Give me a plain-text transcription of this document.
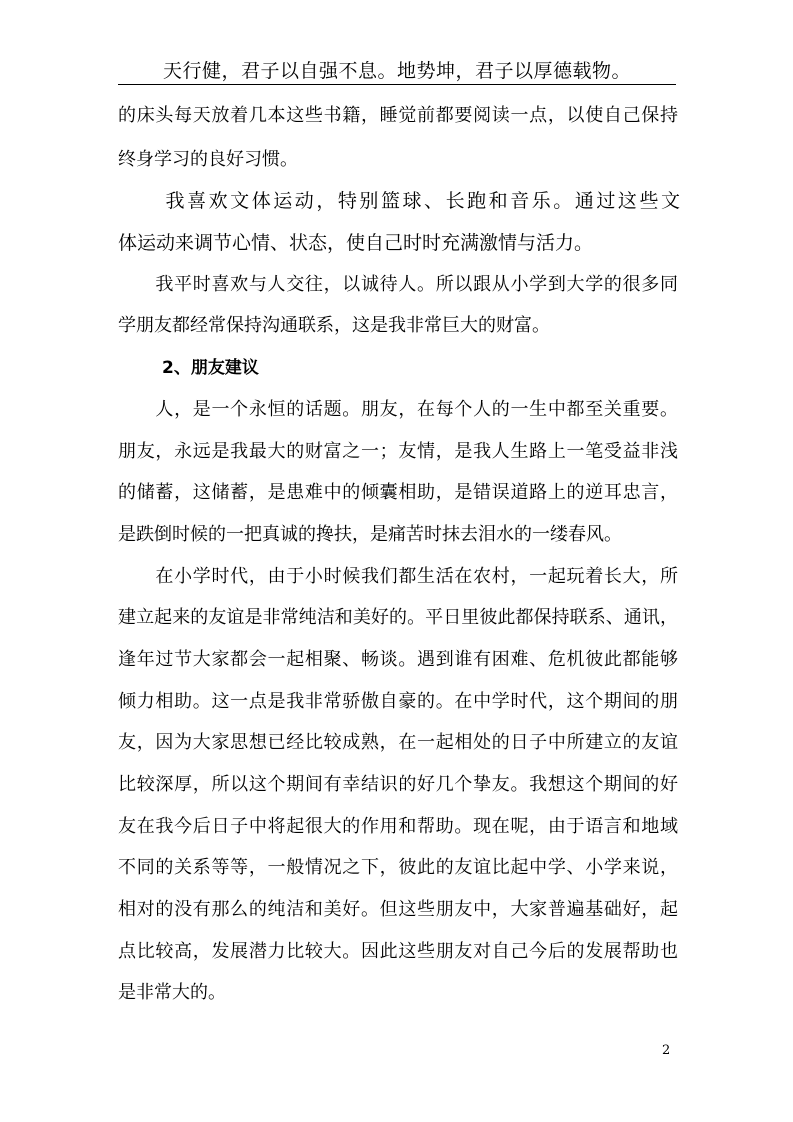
天行健，君子以自强不息。地势坤，君子以厚德载物。
的床头每天放着几本这些书籍，睡觉前都要阅读一点，以使自己保持
终身学习的良好习惯。
　我喜欢文体运动，特别篮球、长跑和音乐。通过这些文
体运动来调节心情、状态，使自己时时充满激情与活力。
　　我平时喜欢与人交往，以诚待人。所以跟从小学到大学的很多同
学朋友都经常保持沟通联系，这是我非常巨大的财富。
2、朋友建议
　　人，是一个永恒的话题。朋友，在每个人的一生中都至关重要。
朋友，永远是我最大的财富之一；友情，是我人生路上一笔受益非浅
的储蓄，这储蓄，是患难中的倾囊相助，是错误道路上的逆耳忠言，
是跌倒时候的一把真诚的搀扶，是痛苦时抹去泪水的一缕春风。
　　在小学时代，由于小时候我们都生活在农村，一起玩着长大，所
建立起来的友谊是非常纯洁和美好的。平日里彼此都保持联系、通讯，
逢年过节大家都会一起相聚、畅谈。遇到谁有困难、危机彼此都能够
倾力相助。这一点是我非常骄傲自豪的。在中学时代，这个期间的朋
友，因为大家思想已经比较成熟，在一起相处的日子中所建立的友谊
比较深厚，所以这个期间有幸结识的好几个挚友。我想这个期间的好
友在我今后日子中将起很大的作用和帮助。现在呢，由于语言和地域
不同的关系等等，一般情况之下，彼此的友谊比起中学、小学来说，
相对的没有那么的纯洁和美好。但这些朋友中，大家普遍基础好，起
点比较高，发展潜力比较大。因此这些朋友对自己今后的发展帮助也
是非常大的。
2
